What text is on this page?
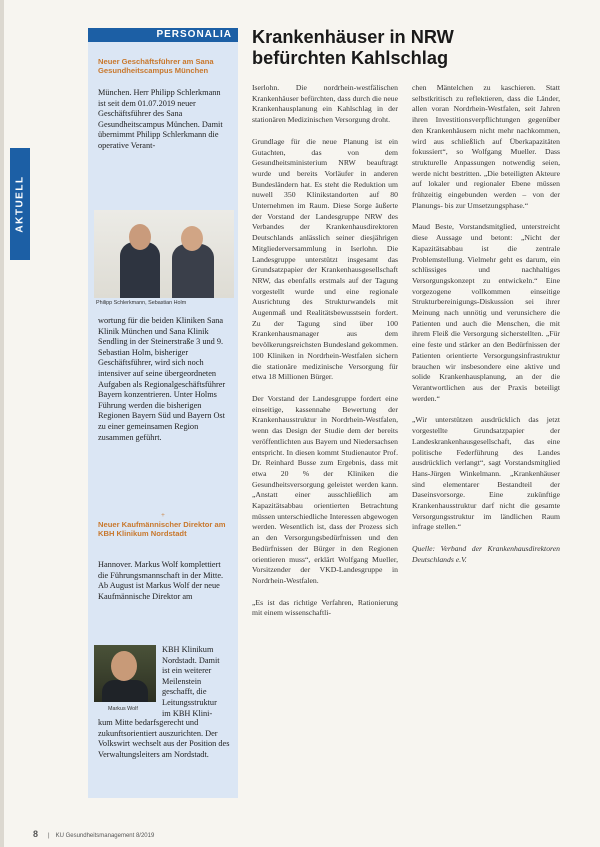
AKTUELL
PERSONALIA
Neuer Geschäftsführer am Sana Gesundheitscampus München
München. Herr Philipp Schlerkmann ist seit dem 01.07.2019 neuer Geschäftsführer des Sana Gesundheitscampus München. Damit übernimmt Philipp Schlerkmann die operative Verant-
Philipp Schlerkmann, Sebastian Holm
wortung für die beiden Kliniken Sana Klinik München und Sana Klinik Sendling in der Steinerstraße 3 und 9. Sebastian Holm, bisheriger Geschäftsführer, wird sich noch intensiver auf seine übergeordneten Aufgaben als Regionalgeschäftsführer Bayern konzentrieren. Unter Holms Führung werden die bisherigen Regionen Bayern Süd und Bayern Ost zu einer gemeinsamen Region zusammen geführt.
+
Neuer Kaufmännischer Direktor am KBH Klinikum Nordstadt
Hannover. Markus Wolf komplettiert die Führungsmannschaft in der Mitte. Ab August ist Markus Wolf der neue Kaufmännische Direktor am
Markus Wolf
KBH Klinikum Nordstadt. Damit ist ein weiterer Meilenstein geschafft, die Leitungsstruktur im KBH Klini-
kum Mitte bedarfsgerecht und zukunftsorientiert auszurichten. Der Volkswirt wechselt aus der Position des Verwaltungsleiters am Nordstadt.
Krankenhäuser in NRW befürchten Kahlschlag

Iserlohn. Die nordrhein-westfälischen Krankenhäuser befürchten, dass durch die neue Krankenhausplanung ein Kahlschlag in der stationären Medizinischen Versorgung droht.

Grundlage für die neue Planung ist ein Gutachten, das von dem Gesundheitsministerium NRW beauftragt wurde und bereits Vorläufer in anderen Bundesländern hat. Es steht die Reduktion um nuwell 350 Klinikstandorten auf 80 Unternehmen im Raum. Diese Sorge äußerte der Vorstand der Landesgruppe NRW des Verbandes der Krankenhausdirektoren Deutschlands anlässlich seiner diesjährigen Mitgliederversammlung in Iserlohn. Die Landesgruppe unterstützt insgesamt das Grundsatzpapier der Krankenhausgesellschaft NRW, das ebenfalls erstmals auf der Tagung vorgestellt wurde und eine regionale Ausrichtung des Strukturwandels mit Augenmaß und Realitätsbewusstsein fordert. Zu der Tagung sind über 100 Krankenhausmanager aus dem bevölkerungsreichsten Bundesland gekommen. 100 Kliniken in Nordrhein-Westfalen sichern die stationäre medizinische Versorgung für etwa 18 Millionen Bürger.

Der Vorstand der Landesgruppe fordert eine einseitige, kassennahe Bewertung der Krankenhausstruktur in Nordrhein-Westfalen, wenn das Design der Studie dem der bereits veröffentlichten aus Bayern und Niedersachsen entspricht. In diesen kommt Studienautor Prof. Dr. Reinhard Busse zum Ergebnis, dass mit etwa 20 % der Kliniken die Gesundheitsversorgung geleistet werden kann. „Anstatt einer ausschließlich am Kapazitätsabbau orientierten Betrachtung müssen unterschiedliche Interessen abgewogen werden. Wesentlich ist, dass der Prozess sich an den Versorgungsbedürfnissen und den Bedürfnissen der Bürger in den Regionen orientieren muss“, erklärt Wolfgang Mueller, Vorsitzender der VKD-Landesgruppe in Nordrhein-Westfalen.

„Es ist das richtige Verfahren, Rationierung mit einem wissenschaftli-

chen Mäntelchen zu kaschieren. Statt selbstkritisch zu reflektieren, dass die Länder, allen voran Nordrhein-Westfalen, seit Jahren ihren Investitionsverpflichtungen gegenüber den Krankenhäusern nicht mehr nachkommen, wird aus schließlich auf Überkapazitäten fokussiert“, so Wolfgang Mueller. Dass strukturelle Anpassungen notwendig seien, werde nicht bestritten. „Die beteiligten Akteure auf lokaler und regionaler Ebene müssen frühzeitig eingebunden werden – von der Planungs- bis zur Umsetzungsphase.“

Maud Beste, Vorstandsmitglied, unterstreicht diese Aussage und betont: „Nicht der Kapazitätsabbau ist die zentrale Problemstellung. Vielmehr geht es darum, ein schlüssiges und nachhaltiges Versorgungskonzept zu entwickeln.“ Eine vorgezogene vollkommen einseitige Strukturbereinigungs-Diskussion sei ihrer Meinung nach unnötig und verunsichere die Patienten und auch die Menschen, die mit ihrem Fleiß die Versorgung sicherstellten. „Für eine feste und stärker an den Bedürfnissen der Patienten orientierte Versorgungsinfrastruktur brauchen wir insbesondere eine aktive und solide Krankenhausplanung, an der die Verantwortlichen aus der Praxis beteiligt werden.“

„Wir unterstützen ausdrücklich das jetzt vorgestellte Grundsatzpapier der Landeskrankenhausgesellschaft, das eine politische Federführung des Landes ausdrücklich verlangt“, sagt Vorstandsmitglied Hans-Jürgen Winkelmann. „Krankenhäuser sind elementarer Bestandteil der Daseinsvorsorge. Eine zukünftige Krankenhausstruktur darf nicht die gesamte Versorgungsstruktur im ländlichen Raum infrage stellen.“

Quelle: Verband der Krankenhausdirektoren Deutschlands e.V.

8 | KU Gesundheitsmanagement 8/2019
